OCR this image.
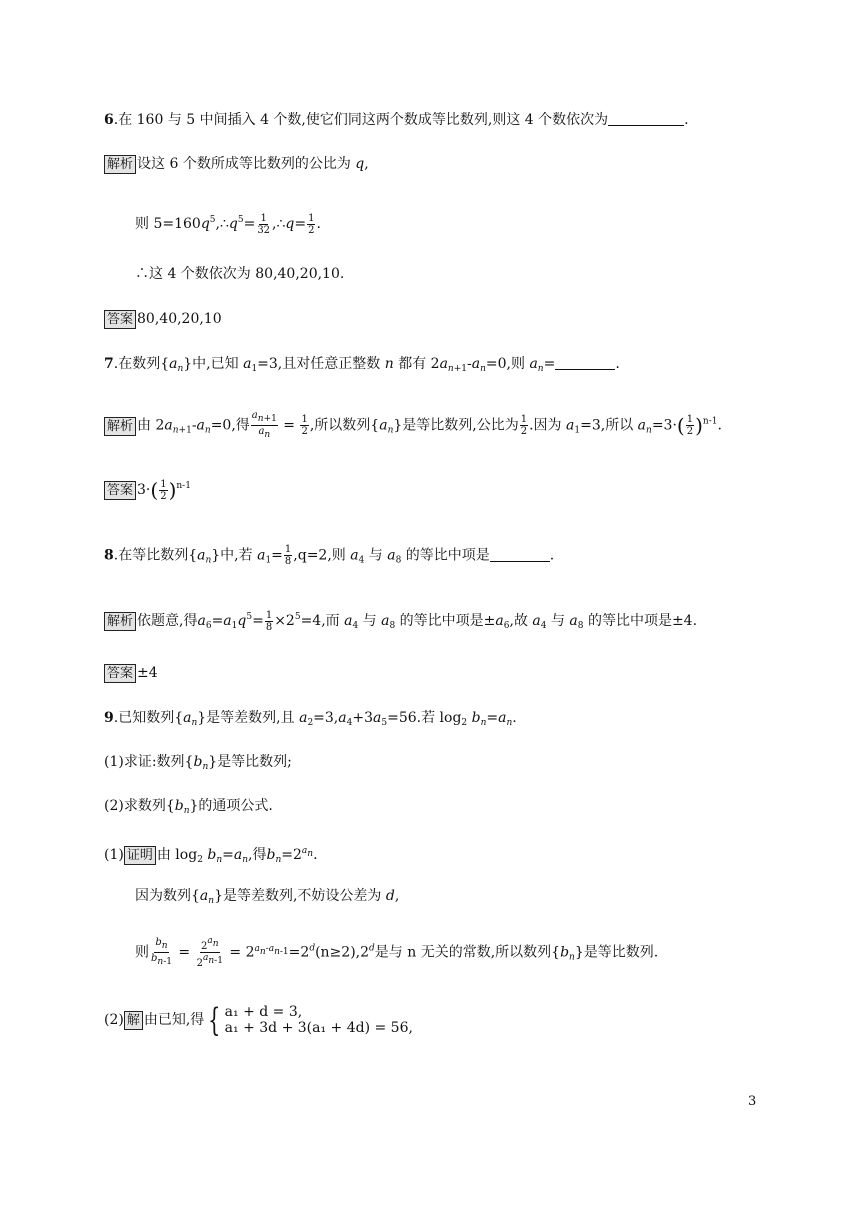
6.在 160 与 5 中间插入 4 个数,使它们同这两个数成等比数列,则这 4 个数依次为	.
解析 设这 6 个数所成等比数列的公比为 q,
则 $5=160q^5,\therefore q^5= \frac{1}{32}$ ,∴q= $\frac{1}{2}$ .
∴这 4 个数依次为 80,40,20,10.
答案 80,40,20,10
7.在数列$\{a_n\}$中,已知 $a_1=3$,且对任意正整数 n 都有 $2a_{n+1}-a_n=0$,则 $a_n=$	.
解析 由 $2a_{n+1}-a_n=0$,得 $\frac{a_{n+1}}{a_n} = \frac{1}{2}$ ,所以数列$\{a_n\}$是等比数列,公比为 $\frac{1}{2}$ .因为 $a_1=3$,所以 $a_n=3\cdot( \frac{1}{2} )^{n-1}$.
答案 $3\cdot( \frac{1}{2} )^{n-1}$
8.在等比数列$\{a_n\}$中,若 $a_1= \frac{1}{8} ,q=2$,则 $a_4$ 与 $a_8$ 的等比中项是	.
解析 依题意,得$a_6=a_1q^5= \frac{1}{8} \times 2^5=4$,而 $a_4$ 与 $a_8$ 的等比中项是$\pm a_6$,故 $a_4$ 与 $a_8$ 的等比中项是±4.
答案 ±4
9.已知数列$\{a_n\}$是等差数列,且 $a_2=3,a_4+3a_5=56$.若 $\log_2 b_n=a_n$.
(1)求证:数列$\{b_n\}$是等比数列;
(2)求数列$\{b_n\}$的通项公式.
(1) 证明 由 $\log_2 b_n=a_n$,得$b_n=2^{a_n}$.
因为数列$\{a_n\}$是等差数列,不妨设公差为 d,
则 $\frac{b_n}{b_{n-1}} = \frac{2^{a_n}}{2^{a_{n-1}}} = 2^{a_n-a_{n-1}}=2^d(n\ge 2),2^d$是与 n 无关的常数,所以数列$\{b_n\}$是等比数列.
(2) 解 由已知,得 { a₁ + d = 3,
a₁ + 3d + 3(a₁ + 4d) = 56,
3
